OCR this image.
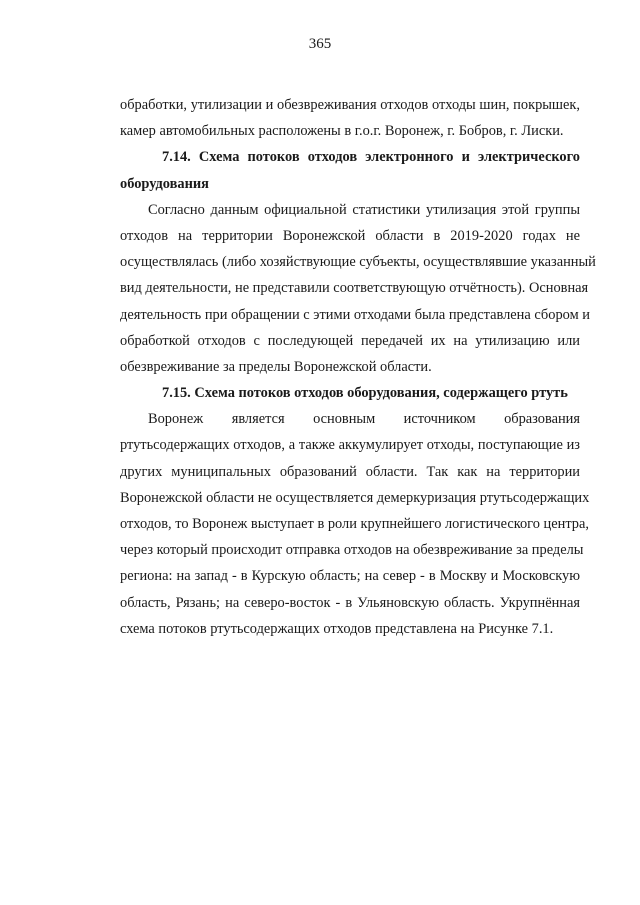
365
обработки, утилизации и обезвреживания отходов отходы шин, покрышек,
камер автомобильных расположены в г.о.г. Воронеж, г. Бобров, г. Лиски.
7.14. Схема потоков отходов электронного и электрического
оборудования
Согласно данным официальной статистики утилизация этой группы
отходов на территории Воронежской области в 2019-2020 годах не
осуществлялась (либо хозяйствующие субъекты, осуществлявшие указанный
вид деятельности, не представили соответствующую отчётность). Основная
деятельность при обращении с этими отходами была представлена сбором и
обработкой отходов с последующей передачей их на утилизацию или
обезвреживание за пределы Воронежской области.
7.15. Схема потоков отходов оборудования, содержащего ртуть
Воронеж является основным источником образования
ртутьсодержащих отходов, а также аккумулирует отходы, поступающие из
других муниципальных образований области. Так как на территории
Воронежской области не осуществляется демеркуризация ртутьсодержащих
отходов, то Воронеж выступает в роли крупнейшего логистического центра,
через который происходит отправка отходов на обезвреживание за пределы
региона: на запад - в Курскую область; на север - в Москву и Московскую
область, Рязань; на северо-восток - в Ульяновскую область. Укрупнённая
схема потоков ртутьсодержащих отходов представлена на Рисунке 7.1.
